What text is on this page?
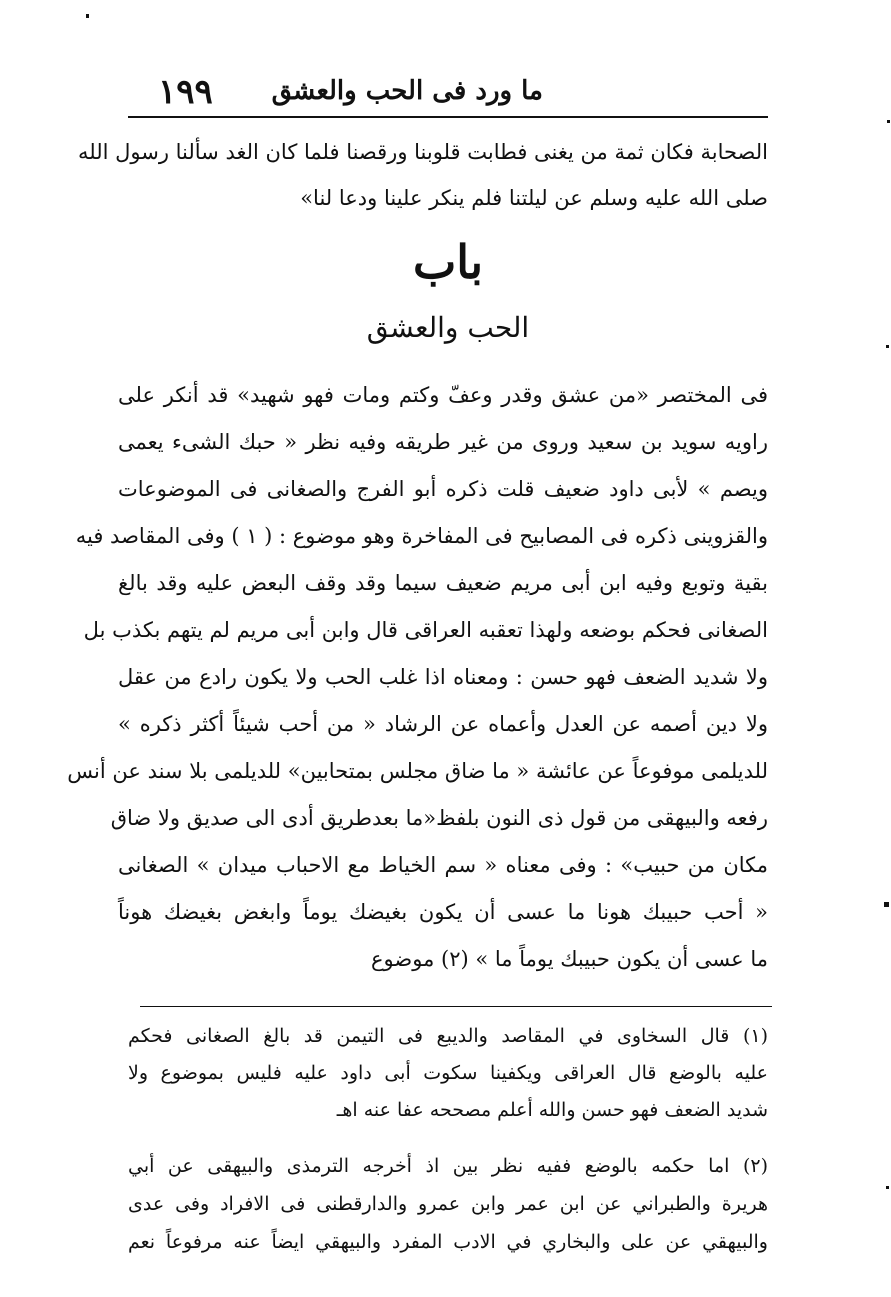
ما ورد فى الحب والعشق
١٩٩
الصحابة فكان ثمة من يغنى فطابت قلوبنا ورقصنا فلما كان الغد سألنا رسول الله
صلى الله عليه وسلم عن ليلتنا فلم ينكر علينا ودعا لنا»
باب
الحب والعشق
فى المختصر «من عشق وقدر وعفّ وكتم ومات فهو شهيد» قد أنكر على
راويه سويد بن سعيد وروى من غير طريقه وفيه نظر « حبك الشىء يعمى
ويصم » لأبى داود ضعيف قلت ذكره أبو الفرج والصغانى فى الموضوعات
والقزوينى ذكره فى المصابيح فى المفاخرة وهو موضوع : ( ١ ) وفى المقاصد فيه
بقية وتوبع وفيه ابن أبى مريم ضعيف سيما وقد وقف البعض عليه وقد بالغ
الصغانى فحكم بوضعه ولهذا تعقبه العراقى قال وابن أبى مريم لم يتهم بكذب بل
ولا شديد الضعف فهو حسن : ومعناه اذا غلب الحب ولا يكون رادع من عقل
ولا دين أصمه عن العدل وأعماه عن الرشاد « من أحب شيئاً أكثر ذكره »
للديلمى موفوعاً عن عائشة « ما ضاق مجلس بمتحابين» للديلمى بلا سند عن أنس
رفعه والبيهقى من قول ذى النون بلفظ«ما بعدطريق أدى الى صديق ولا ضاق
مكان من حبيب» : وفى معناه « سم الخياط مع الاحباب ميدان » الصغانى
« أحب حبيبك هونا ما عسى أن يكون بغيضك يوماً وابغض بغيضك هوناً
ما عسى أن يكون حبيبك يوماً ما » (٢) موضوع
(١) قال السخاوى في المقاصد والديبع فى التيمن قد بالغ الصغانى فحكم
عليه بالوضع قال العراقى ويكفينا سكوت أبى داود عليه فليس بموضوع ولا
شديد الضعف فهو حسن والله أعلم مصححه عفا عنه اهـ
(٢) اما حكمه بالوضع ففيه نظر بين اذ أخرجه الترمذى والبيهقى عن أبي
هريرة والطبراني عن ابن عمر وابن عمرو والدارقطنى فى الافراد وفى عدى
والبيهقي عن على والبخاري في الادب المفرد والبيهقي ايضاً عنه مرفوعاً نعم
